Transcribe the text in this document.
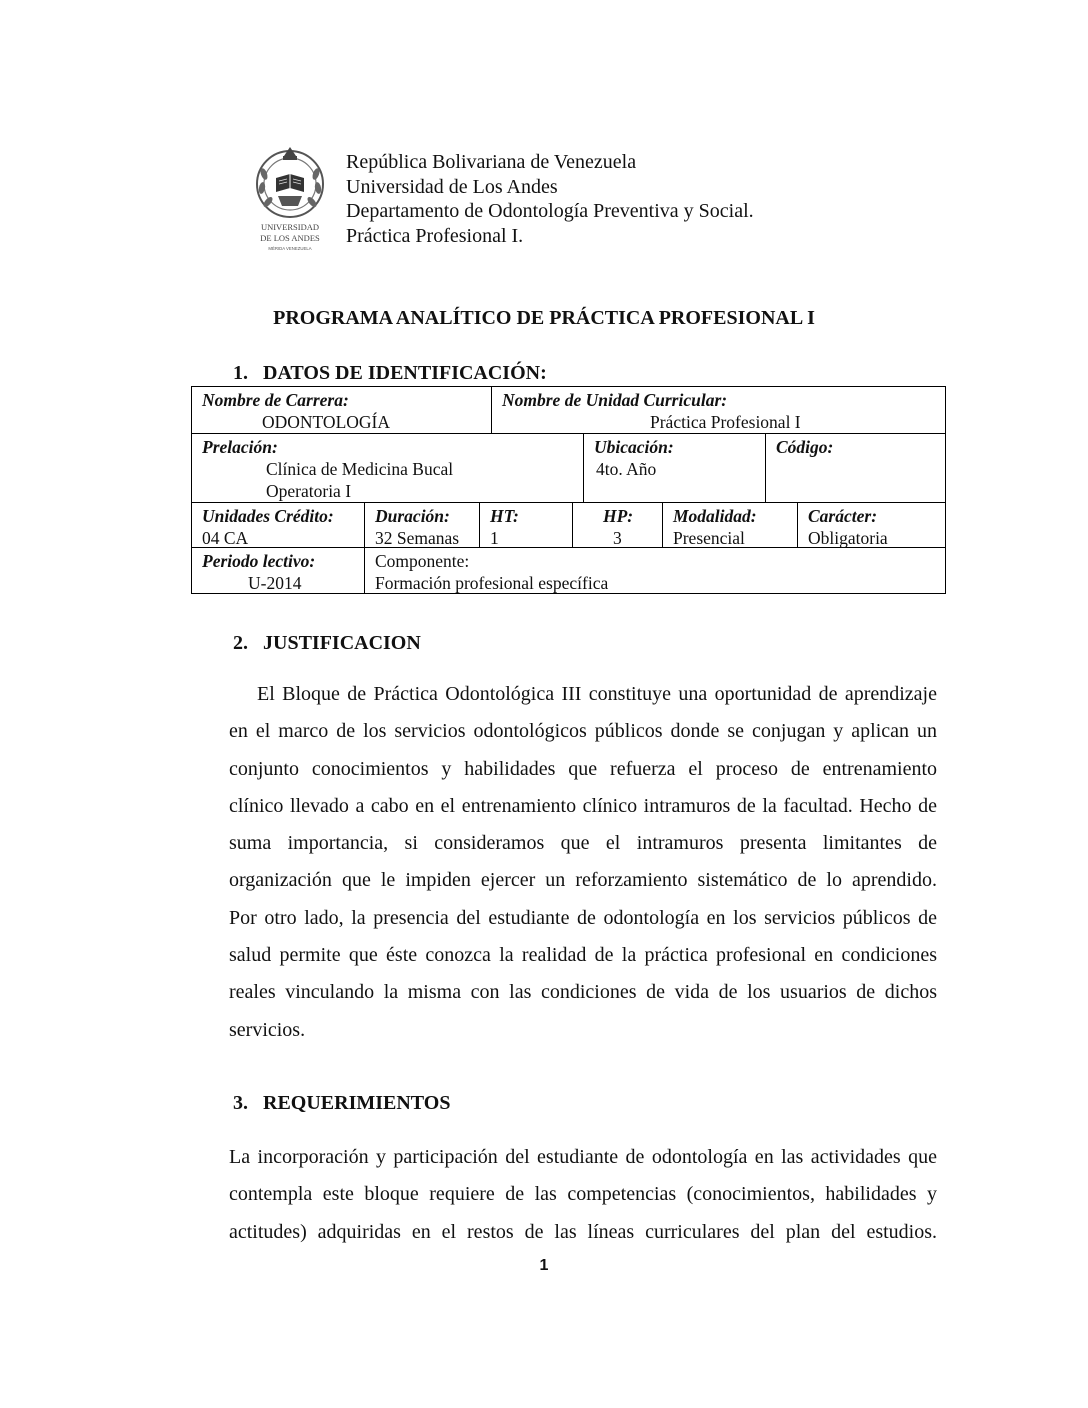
UNIVERSIDAD
DE LOS ANDES
MÉRIDA VENEZUELA
República Bolivariana de Venezuela
Universidad de Los Andes
Departamento de Odontología Preventiva y Social.
Práctica Profesional I.
PROGRAMA ANALÍTICO DE PRÁCTICA PROFESIONAL I
1. DATOS DE IDENTIFICACIÓN:
Nombre de Carrera:
ODONTOLOGÍA
Nombre de Unidad Curricular:
Práctica Profesional I
Prelación:
Clínica de Medicina Bucal
Operatoria I
Ubicación:
4to. Año
Código:
Unidades Crédito:
04 CA
Duración:
32 Semanas
HT:
1
HP:
3
Modalidad:
Presencial
Carácter:
Obligatoria
Periodo lectivo:
U-2014
Componente:
Formación profesional específica
2. JUSTIFICACION
El Bloque de Práctica Odontológica III constituye una oportunidad de aprendizaje
en el marco de los servicios odontológicos públicos donde se conjugan y aplican un
conjunto conocimientos y habilidades que refuerza el proceso de entrenamiento
clínico llevado a cabo en el entrenamiento clínico intramuros de la facultad. Hecho de
suma importancia, si consideramos que el intramuros presenta limitantes de
organización que le impiden ejercer un reforzamiento sistemático de lo aprendido.
Por otro lado, la presencia del estudiante de odontología en los servicios públicos de
salud permite que éste conozca la realidad de la práctica profesional en condiciones
reales vinculando la misma con las condiciones de vida de los usuarios de dichos
servicios.
3. REQUERIMIENTOS
La incorporación y participación del estudiante de odontología en las actividades que
contempla este bloque requiere de las competencias (conocimientos, habilidades y
actitudes) adquiridas en el restos de las líneas curriculares del plan del estudios.
1
